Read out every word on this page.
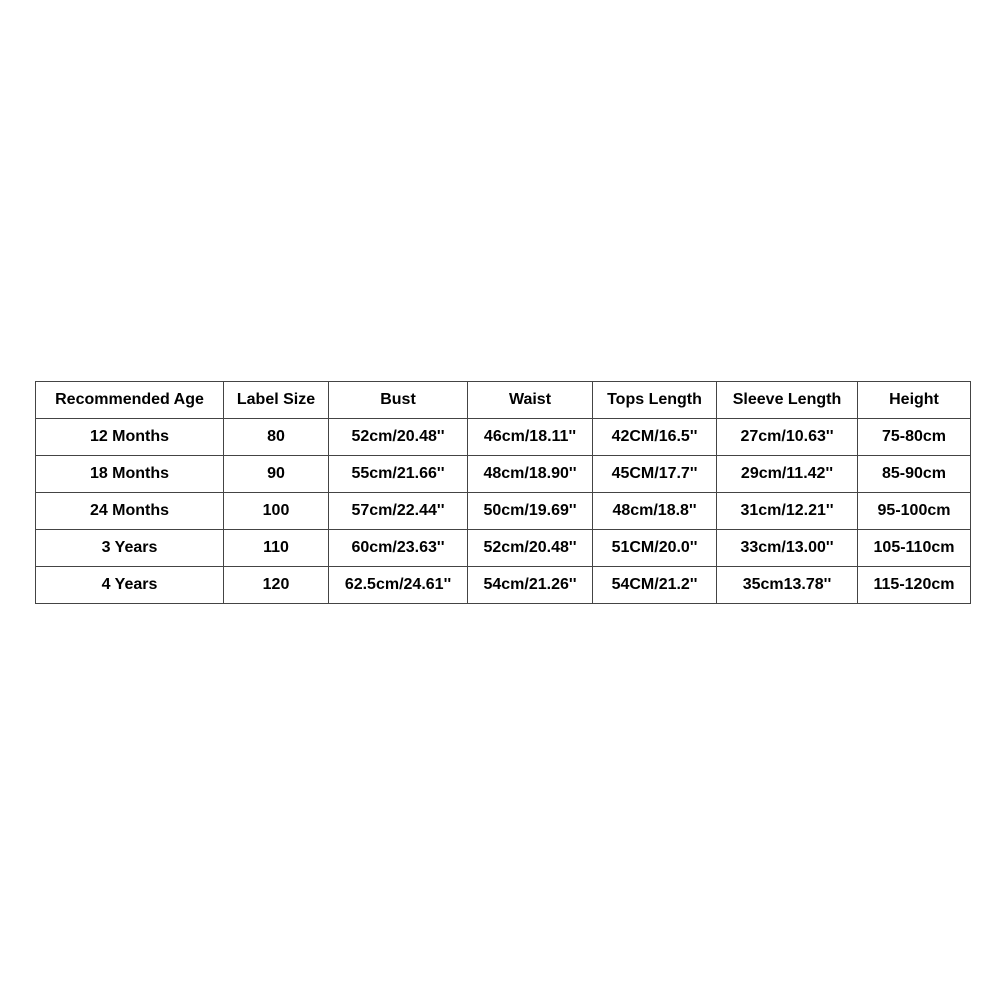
Recommended Age	Label Size	Bust	Waist	Tops Length	Sleeve Length	Height
12 Months	80	52cm/20.48''	46cm/18.11''	42CM/16.5''	27cm/10.63''	75-80cm
18 Months	90	55cm/21.66''	48cm/18.90''	45CM/17.7''	29cm/11.42''	85-90cm
24 Months	100	57cm/22.44''	50cm/19.69''	48cm/18.8''	31cm/12.21''	95-100cm
3 Years	110	60cm/23.63''	52cm/20.48''	51CM/20.0''	33cm/13.00''	105-110cm
4 Years	120	62.5cm/24.61''	54cm/21.26''	54CM/21.2''	35cm13.78''	115-120cm
